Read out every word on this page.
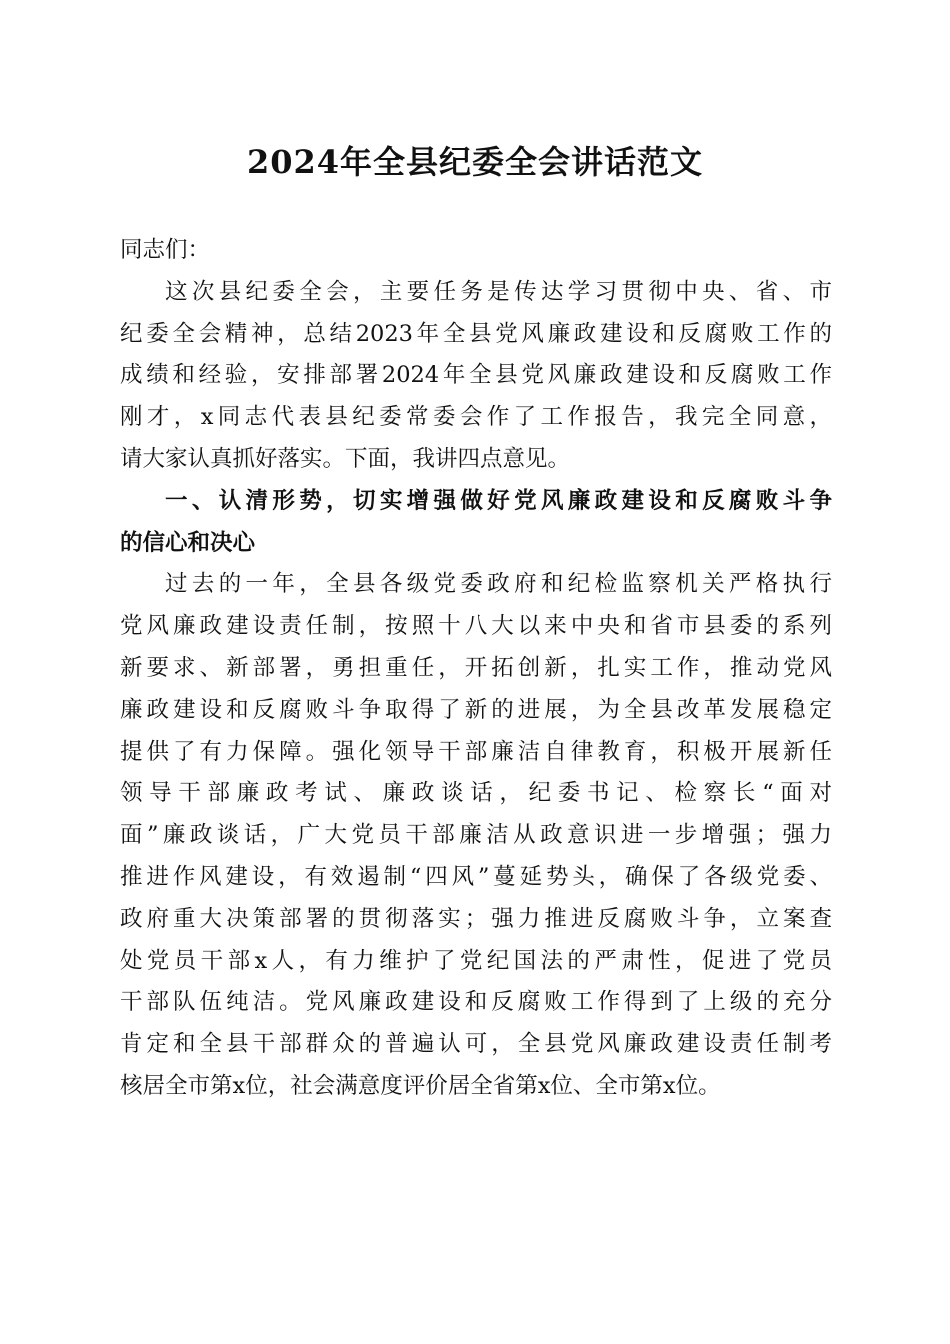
2024年全县纪委全会讲话范文

同志们：

这次县纪委全会，主要任务是传达学习贯彻中央、省、市
纪委全会精神，总结2023年全县党风廉政建设和反腐败工作的
成绩和经验，安排部署2024年全县党风廉政建设和反腐败工作
刚才，x同志代表县纪委常委会作了工作报告，我完全同意，
请大家认真抓好落实。下面，我讲四点意见。

一、认清形势，切实增强做好党风廉政建设和反腐败斗争
的信心和决心

过去的一年，全县各级党委政府和纪检监察机关严格执行
党风廉政建设责任制，按照十八大以来中央和省市县委的系列
新要求、新部署，勇担重任，开拓创新，扎实工作，推动党风
廉政建设和反腐败斗争取得了新的进展，为全县改革发展稳定
提供了有力保障。强化领导干部廉洁自律教育，积极开展新任
领导干部廉政考试、廉政谈话，纪委书记、检察长“面对
面”廉政谈话，广大党员干部廉洁从政意识进一步增强；强力
推进作风建设，有效遏制“四风”蔓延势头，确保了各级党委、
政府重大决策部署的贯彻落实；强力推进反腐败斗争，立案查
处党员干部x人，有力维护了党纪国法的严肃性，促进了党员
干部队伍纯洁。党风廉政建设和反腐败工作得到了上级的充分
肯定和全县干部群众的普遍认可，全县党风廉政建设责任制考
核居全市第x位，社会满意度评价居全省第x位、全市第x位。
